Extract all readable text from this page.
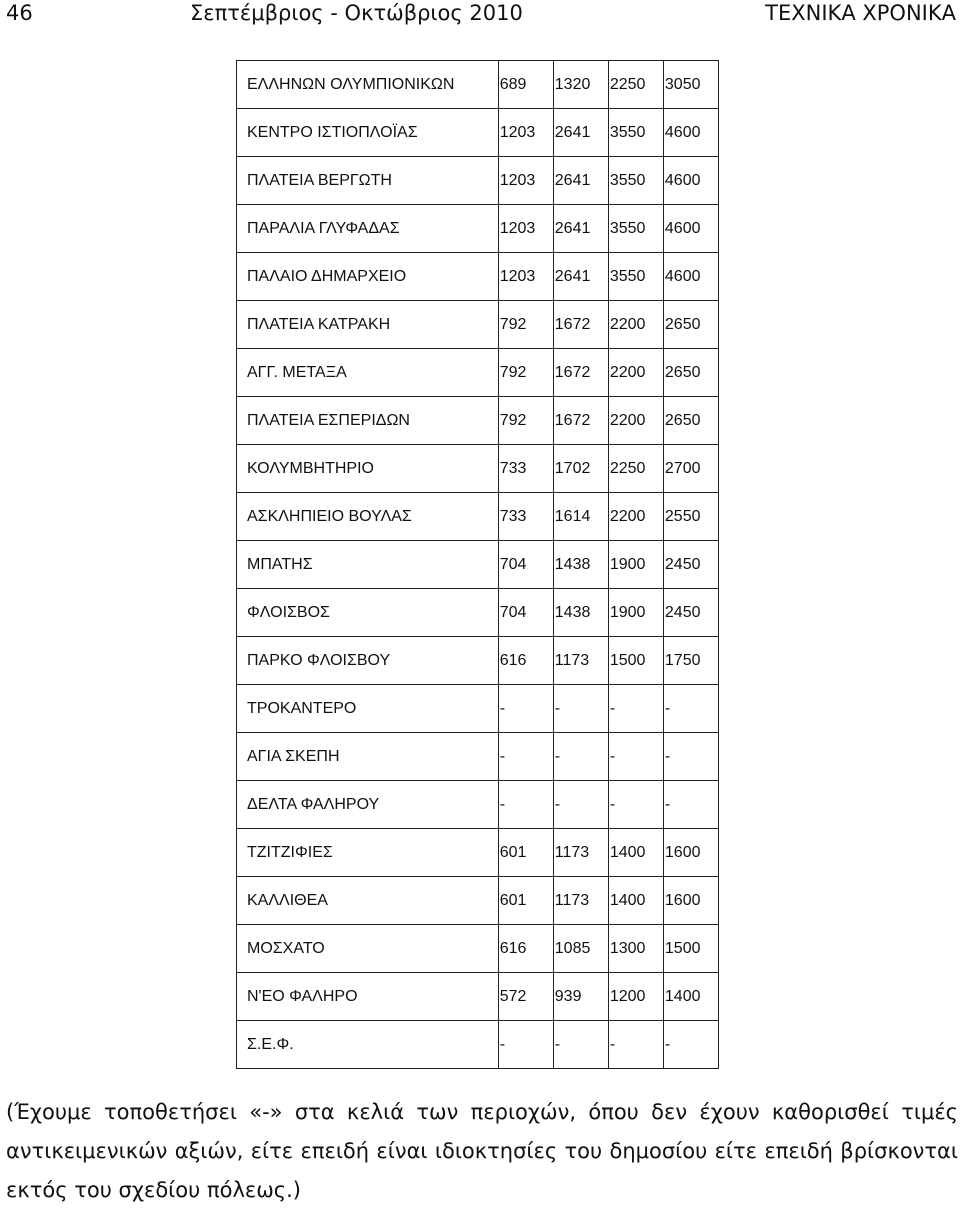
46	Σεπτέμβριος - Οκτώβριος 2010	ΤΕΧΝΙΚΑ ΧΡΟΝΙΚΑ
ΕΛΛΗΝΩΝ ΟΛΥΜΠΙΟΝΙΚΩΝ	689	1320	2250	3050
ΚΕΝΤΡΟ ΙΣΤΙΟΠΛΟΪΑΣ	1203	2641	3550	4600
ΠΛΑΤΕΙΑ ΒΕΡΓΩΤΗ	1203	2641	3550	4600
ΠΑΡΑΛΙΑ ΓΛΥΦΑΔΑΣ	1203	2641	3550	4600
ΠΑΛΑΙΟ ΔΗΜΑΡΧΕΙΟ	1203	2641	3550	4600
ΠΛΑΤΕΙΑ ΚΑΤΡΑΚΗ	792	1672	2200	2650
ΑΓΓ. ΜΕΤΑΞΑ	792	1672	2200	2650
ΠΛΑΤΕΙΑ ΕΣΠΕΡΙΔΩΝ	792	1672	2200	2650
ΚΟΛΥΜΒΗΤΗΡΙΟ	733	1702	2250	2700
ΑΣΚΛΗΠΙΕΙΟ ΒΟΥΛΑΣ	733	1614	2200	2550
ΜΠΑΤΗΣ	704	1438	1900	2450
ΦΛΟΙΣΒΟΣ	704	1438	1900	2450
ΠΑΡΚΟ ΦΛΟΙΣΒΟΥ	616	1173	1500	1750
ΤΡΟΚΑΝΤΕΡΟ	-	-	-	-
ΑΓΙΑ ΣΚΕΠΗ	-	-	-	-
ΔΕΛΤΑ ΦΑΛΗΡΟΥ	-	-	-	-
ΤΖΙΤΖΙΦΙΕΣ	601	1173	1400	1600
ΚΑΛΛΙΘΕΑ	601	1173	1400	1600
ΜΟΣΧΑΤΟ	616	1085	1300	1500
Ν'ΕΟ ΦΑΛΗΡΟ	572	939	1200	1400
Σ.Ε.Φ.	-	-	-	-
(Έχουμε τοποθετήσει «-» στα κελιά των περιοχών, όπου δεν έχουν καθορισθεί τιμές
αντικειμενικών αξιών, είτε επειδή είναι ιδιοκτησίες του δημοσίου είτε επειδή βρίσκονται
εκτός του σχεδίου πόλεως.)
